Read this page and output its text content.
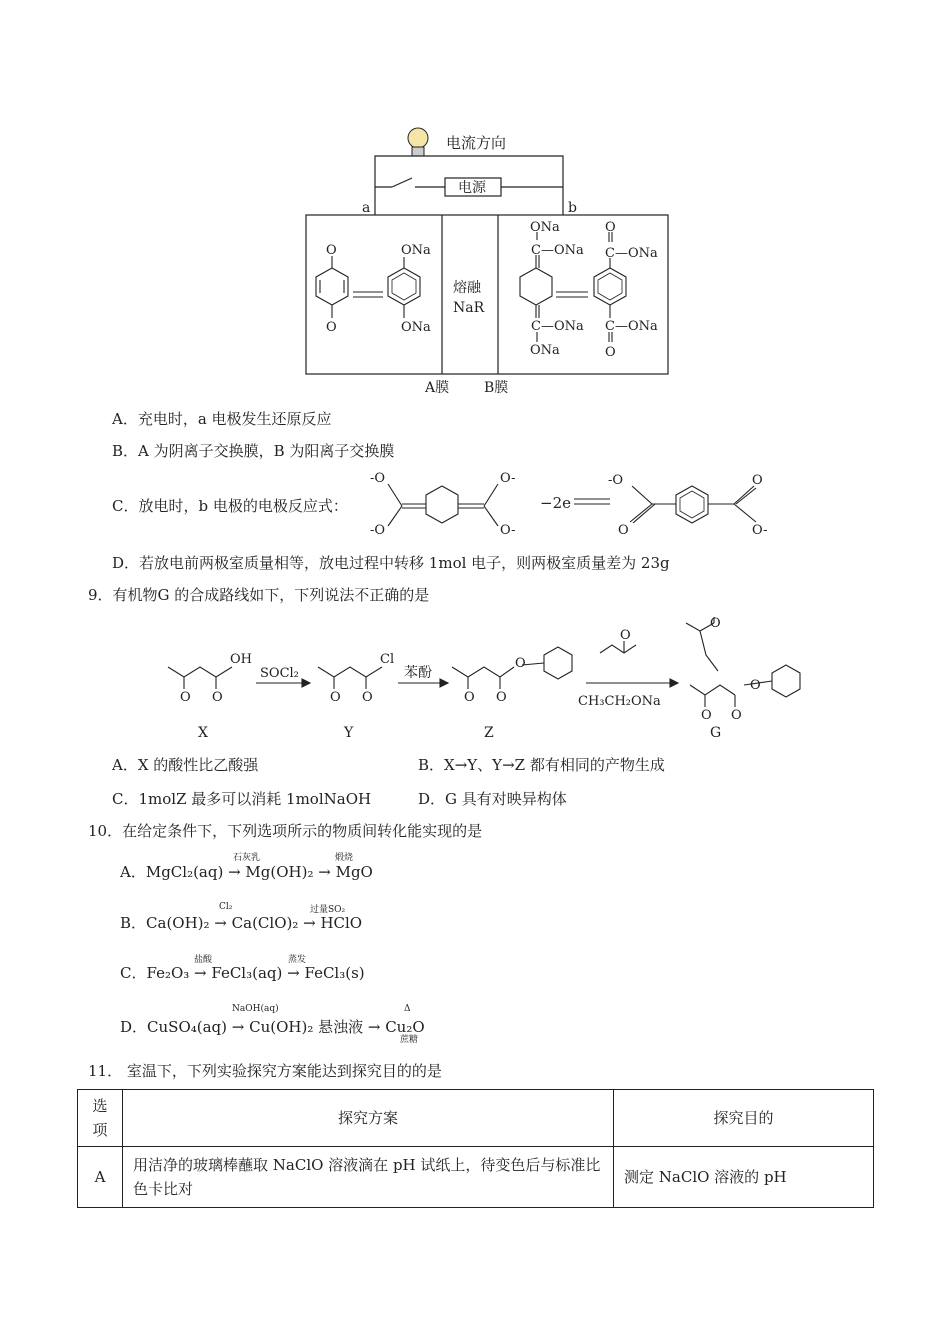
电流方向
电源
a	b
熔融
NaR
A膜 B膜
O
O
ONa
ONa
ONa
C—ONa
C—ONa
ONa
O
C—ONa
C—ONa
O
A．充电时，a 电极发生还原反应
B．A 为阴离子交换膜，B 为阳离子交换膜
C．放电时，b 电极的电极反应式：
-O
-O
O-
O-
−2e
-O
O
O
O-
D．若放电前两极室质量相等，放电过程中转移 1mol 电子，则两极室质量差为 23g
9．有机物G 的合成路线如下，下列说法不正确的是
OH
O O
SOCl₂
Cl
O O
苯酚
O O
O
O
CH₃CH₂ONa
O
O O
O
X	Y	Z	G
A．X 的酸性比乙酸强	B．X→Y、Y→Z 都有相同的产物生成
C．1molZ 最多可以消耗 1molNaOH	D．G 具有对映异构体
10．在给定条件下，下列选项所示的物质间转化能实现的是
石灰乳	煅烧
A．MgCl₂(aq) → Mg(OH)₂ → MgO
Cl₂	过量SO₂
B．Ca(OH)₂ → Ca(ClO)₂ → HClO
盐酸	蒸发
C．Fe₂O₃ → FeCl₃(aq) → FeCl₃(s)
NaOH(aq)	Δ
蔗糖
D．CuSO₄(aq) → Cu(OH)₂ 悬浊液 → Cu₂O
11． 室温下，下列实验探究方案能达到探究目的的是
选项	探究方案	探究目的
A	用洁净的玻璃棒蘸取 NaClO 溶液滴在 pH 试纸上，待变色后与标准比色卡比对	测定 NaClO 溶液的 pH
